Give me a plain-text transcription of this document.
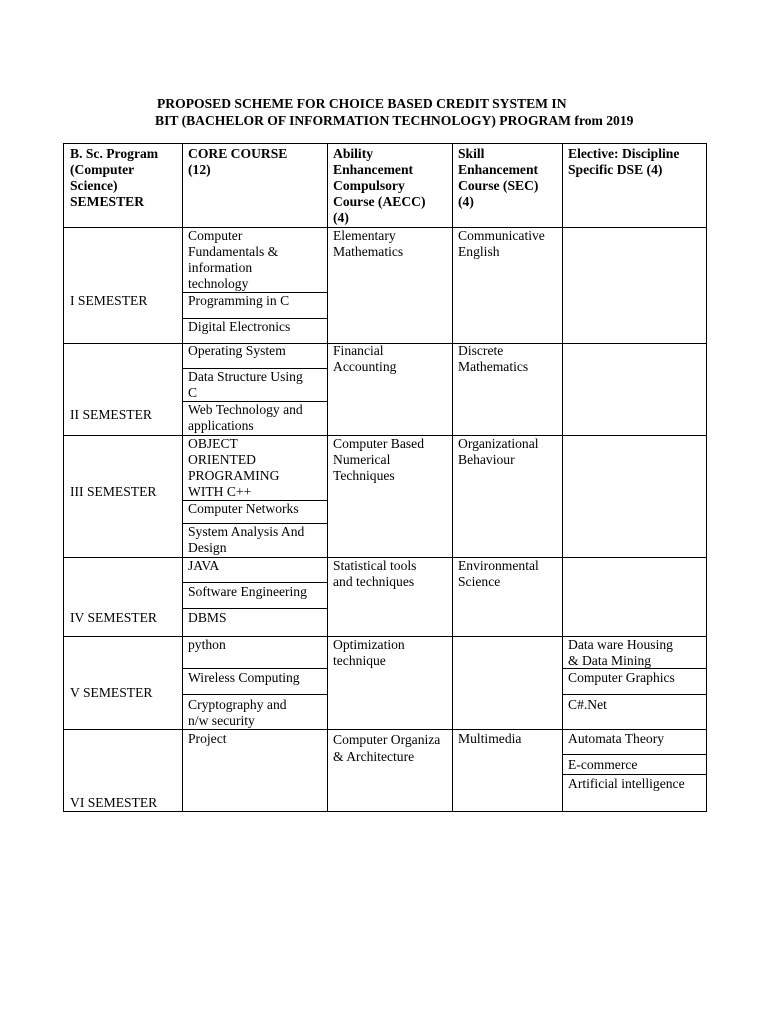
PROPOSED SCHEME FOR CHOICE BASED CREDIT SYSTEM IN
BIT (BACHELOR OF INFORMATION TECHNOLOGY) PROGRAM from 2019
B. Sc. Program
(Computer
Science)
SEMESTER
CORE COURSE
(12)
Ability
Enhancement
Compulsory
Course (AECC)
(4)
Skill
Enhancement
Course (SEC)
(4)
Elective: Discipline
Specific DSE (4)
I SEMESTER
Computer
Fundamentals &
information
technology
Programming in C
Digital Electronics
Elementary
Mathematics
Communicative
English
II SEMESTER
Operating System
Data Structure Using
C
Web Technology and
applications
Financial
Accounting
Discrete
Mathematics
III SEMESTER
OBJECT
ORIENTED
PROGRAMING
WITH C++
Computer Networks
System Analysis And
Design
Computer Based
Numerical
Techniques
Organizational
Behaviour
IV SEMESTER
JAVA
Software Engineering
DBMS
Statistical tools
and techniques
Environmental
Science
V SEMESTER
python
Wireless Computing
Cryptography and
n/w security
Optimization
technique
Data ware Housing
& Data Mining
Computer Graphics
C#.Net
VI SEMESTER
Project	Computer Organiza
& Architecture
Multimedia	Automata Theory
E-commerce
Artificial intelligence
